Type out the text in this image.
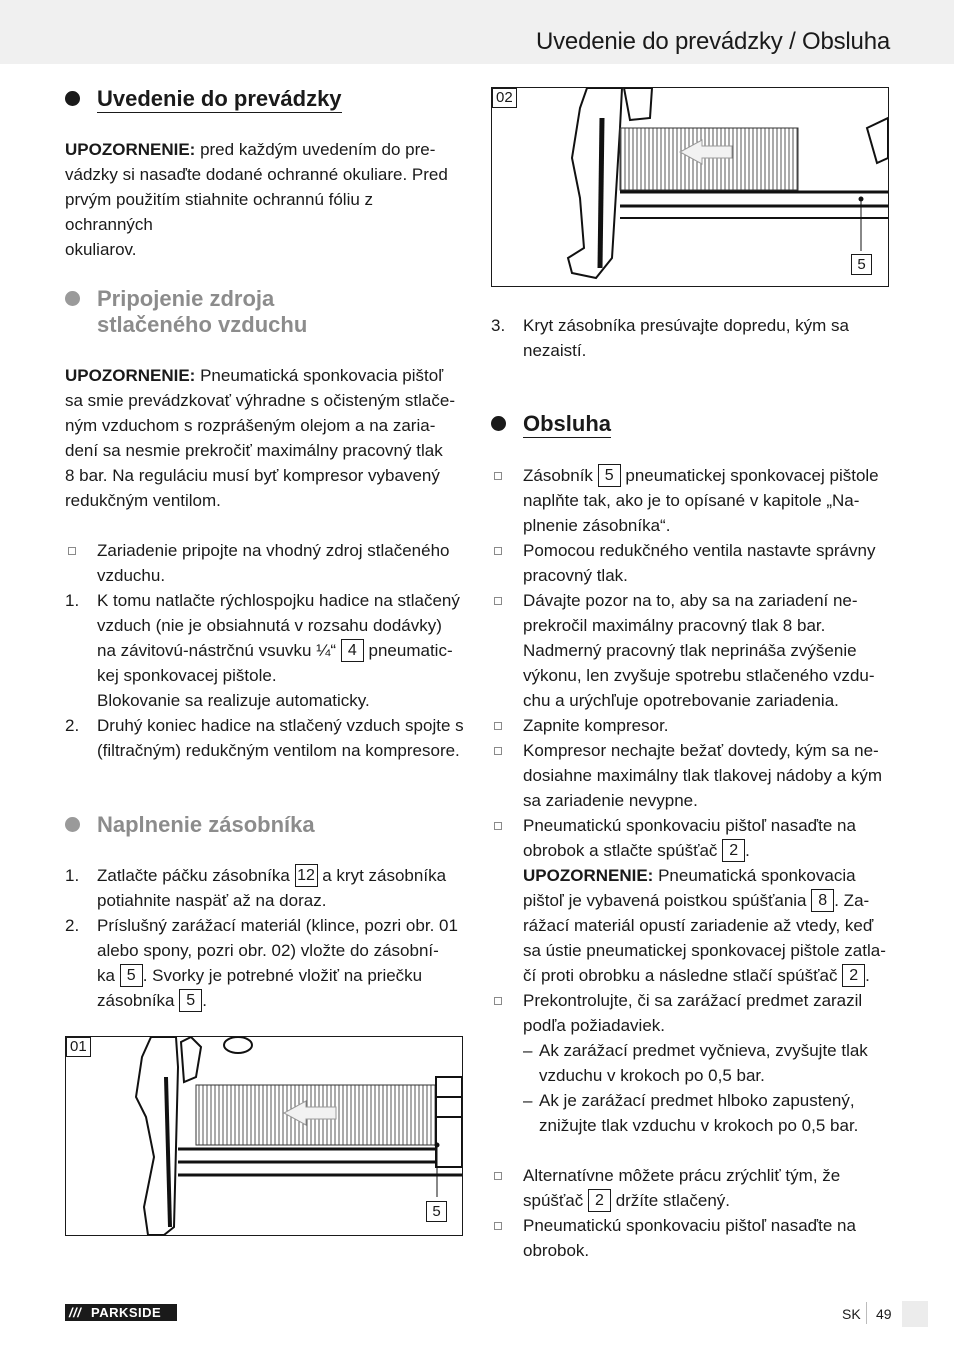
Uvedenie do prevádzky / Obsluha
Uvedenie do prevádzky
UPOZORNENIE: pred každým uvedením do pre-
vádzky si nasaďte dodané ochranné okuliare. Pred
prvým použitím stiahnite ochrannú fóliu z ochranných
okuliarov.
Pripojenie zdroja
stlačeného vzduchu
UPOZORNENIE: Pneumatická sponkovacia pištoľ
sa smie prevádzkovať výhradne s očisteným stlače-
ným vzduchom s rozprášeným olejom a na zaria-
dení sa nesmie prekročiť maximálny pracovný tlak
8 bar. Na reguláciu musí byť kompresor vybavený
redukčným ventilom.
Zariadenie pripojte na vhodný zdroj stlačeného
vzduchu.
1. K tomu natlačte rýchlospojku hadice na stlačený
vzduch (nie je obsiahnutá v rozsahu dodávky)
na závitovú-nástrčnú vsuvku ¼“ 4 pneumatic-
kej sponkovacej pištole.
Blokovanie sa realizuje automaticky.
2. Druhý koniec hadice na stlačený vzduch spojte s
(filtračným) redukčným ventilom na kompresore.
Naplnenie zásobníka
1. Zatlačte páčku zásobníka 12 a kryt zásobníka
potiahnite naspäť až na doraz.
2. Príslušný zarážací materiál (klince, pozri obr. 01
alebo spony, pozri obr. 02) vložte do zásobní-
ka 5 . Svorky je potrebné vložiť na priečku
zásobníka 5 .
01
5
02
5
3. Kryt zásobníka presúvajte dopredu, kým sa
nezaistí.
Obsluha
Zásobník 5 pneumatickej sponkovacej pištole
naplňte tak, ako je to opísané v kapitole „Na-
plnenie zásobníka“.
Pomocou redukčného ventila nastavte správny
pracovný tlak.
Dávajte pozor na to, aby sa na zariadení ne-
prekročil maximálny pracovný tlak 8 bar.
Nadmerný pracovný tlak neprináša zvýšenie
výkonu, len zvyšuje spotrebu stlačeného vzdu-
chu a urýchľuje opotrebovanie zariadenia.
Zapnite kompresor.
Kompresor nechajte bežať dovtedy, kým sa ne-
dosiahne maximálny tlak tlakovej nádoby a kým
sa zariadenie nevypne.
Pneumatickú sponkovaciu pištoľ nasaďte na
obrobok a stlačte spúšťač 2 .
UPOZORNENIE: Pneumatická sponkovacia
pištoľ je vybavená poistkou spúšťania 8 . Za-
rážací materiál opustí zariadenie až vtedy, keď
sa ústie pneumatickej sponkovacej pištole zatla-
čí proti obrobku a následne stlačí spúšťač 2 .
Prekontrolujte, či sa zarážací predmet zarazil
podľa požiadaviek.
– Ak zarážací predmet vyčnieva, zvyšujte tlak
vzduchu v krokoch po 0,5 bar.
– Ak je zarážací predmet hlboko zapustený,
znižujte tlak vzduchu v krokoch po 0,5 bar.
Alternatívne môžete prácu zrýchliť tým, že
spúšťač 2 držíte stlačený.
Pneumatickú sponkovaciu pištoľ nasaďte na
obrobok.
/// PARKSIDE	SK 49
